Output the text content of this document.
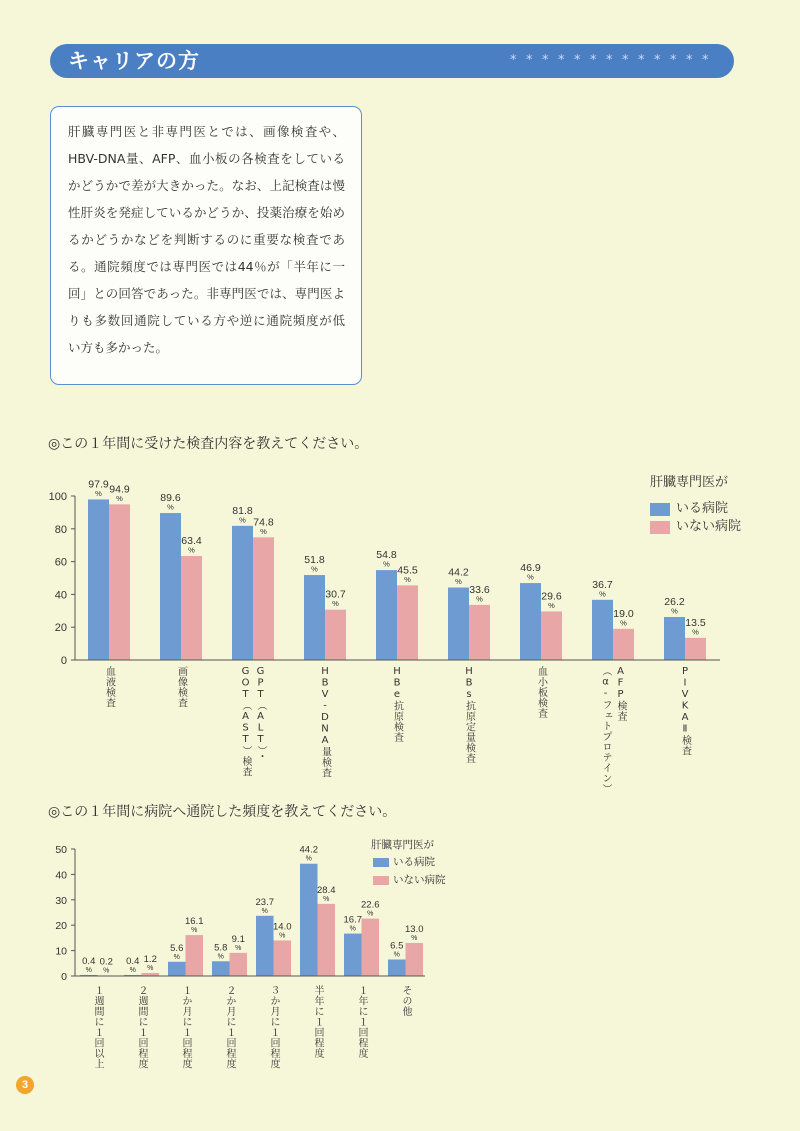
キャリアの方	*************
肝臓専門医と非専門医とでは、画像検査や、
HBV-DNA量、AFP、血小板の各検査をしている
かどうかで差が大きかった。なお、上記検査は慢
性肝炎を発症しているかどうか、投薬治療を始め
るかどうかなどを判断するのに重要な検査であ
る。通院頻度では専門医では44％が「半年に一
回」との回答であった。非専門医では、専門医よ
りも多数回通院している方や逆に通院頻度が低
い方も多かった。
◎この１年間に受けた検査内容を教えてください。
0
20
40
60
80
100
97.9
%	89.6
%	81.8
%
51.8
%
54.8
%
44.2
%
46.9
%
36.7
%
26.2
%
94.9
%
63.4
%
74.8
%
30.7
%
45.5
%
33.6
%	29.6
%
19.0
%	13.5
%
血液検査	画像検査	GPT（ALT）・
GOT（AST）検査	HBV-DNA量検査	HBe抗原検査	HBs抗原定量検査	血小板検査	AFP検査
（α-フェトプロテイン）	PIVKAⅡ検査
肝臓専門医が
いる病院
いない病院
◎この１年間に病院へ通院した頻度を教えてください。
0
10
20
30
40
50
0.4
%
0.4
%
5.6
%
5.8
%
23.7
%
44.2
%
16.7
%
6.5
%
0.2
%
1.2
%
16.1
%
9.1
%
14.0
%
28.4
%
22.6
%
13.0
%
１週間に１回以上	２週間に１回程度	１か月に１回程度	２か月に１回程度	３か月に１回程度	半年に１回程度	１年に１回程度	その他
肝臓専門医が
いる病院
いない病院
3
